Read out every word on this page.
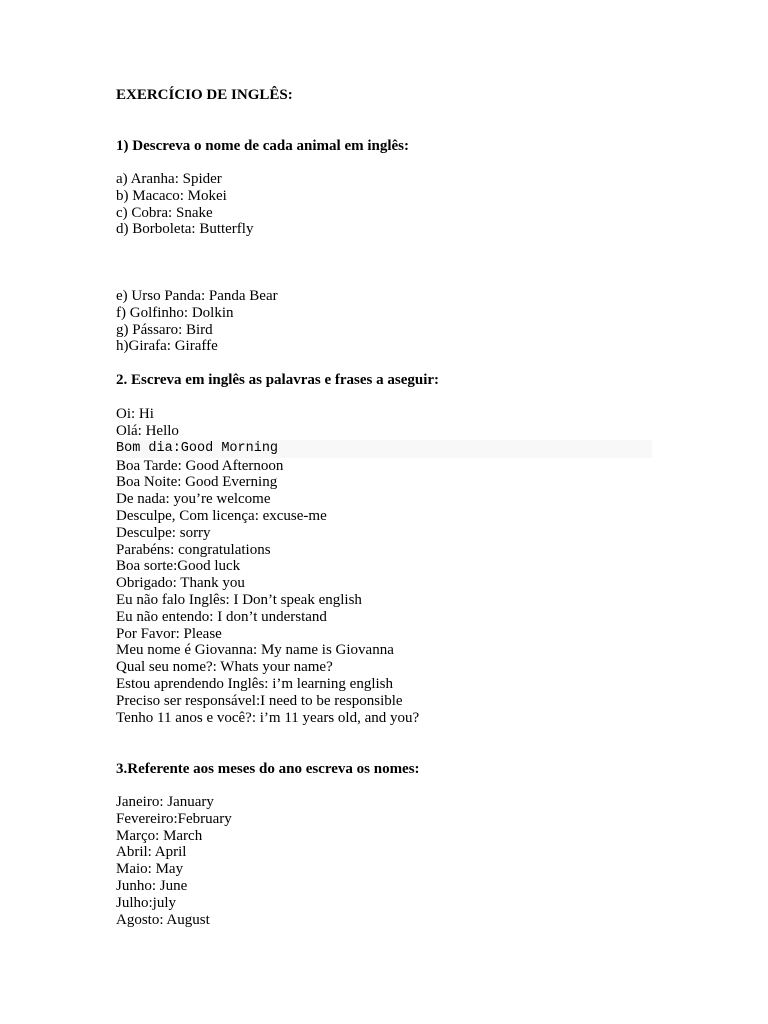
EXERCÍCIO DE INGLÊS:
1) Descreva o nome de cada animal em inglês:
a) Aranha: Spider
b) Macaco: Mokei
c) Cobra: Snake
d) Borboleta: Butterfly
e) Urso Panda: Panda Bear
f) Golfinho: Dolkin
g) Pássaro: Bird
h)Girafa: Giraffe
2. Escreva em inglês as palavras e frases a aseguir:
Oi: Hi
Olá: Hello
Bom dia:Good Morning
Boa Tarde: Good Afternoon
Boa Noite: Good Everning
De nada: you’re welcome
Desculpe, Com licença: excuse-me
Desculpe: sorry
Parabéns: congratulations
Boa sorte:Good luck
Obrigado: Thank you
Eu não falo Inglês: I Don’t speak english
Eu não entendo: I don’t understand
Por Favor: Please
Meu nome é Giovanna: My name is Giovanna
Qual seu nome?: Whats your name?
Estou aprendendo Inglês: i’m learning english
Preciso ser responsável:I need to be responsible
Tenho 11 anos e você?: i’m 11 years old, and you?
3.Referente aos meses do ano escreva os nomes:
Janeiro: January
Fevereiro:February
Março: March
Abril: April
Maio: May
Junho: June
Julho:july
Agosto: August
